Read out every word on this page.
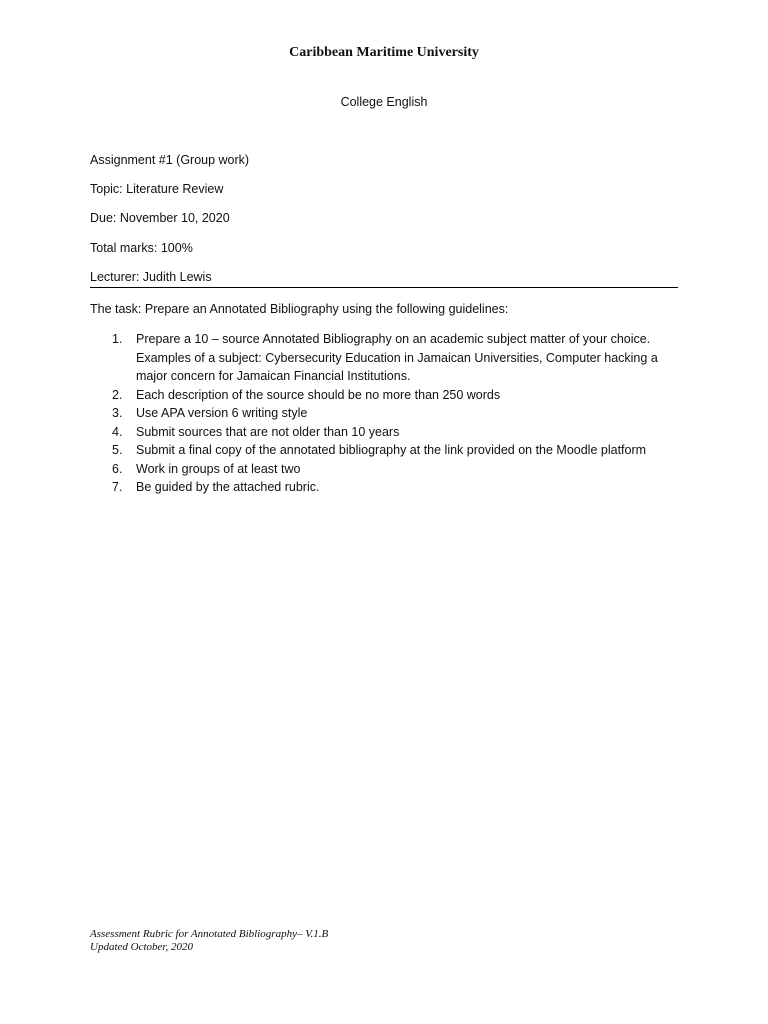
Caribbean Maritime University
College English
Assignment #1 (Group work)
Topic: Literature Review
Due: November 10, 2020
Total marks: 100%
Lecturer: Judith Lewis
The task: Prepare an Annotated Bibliography using the following guidelines:
1. Prepare a 10 – source Annotated Bibliography on an academic subject matter of your choice.
Examples of a subject: Cybersecurity Education in Jamaican Universities, Computer hacking a
major concern for Jamaican Financial Institutions.
2. Each description of the source should be no more than 250 words
3. Use APA version 6 writing style
4. Submit sources that are not older than 10 years
5. Submit a final copy of the annotated bibliography at the link provided on the Moodle platform
6. Work in groups of at least two
7. Be guided by the attached rubric.
Assessment Rubric for Annotated Bibliography– V.1.B
Updated October, 2020
